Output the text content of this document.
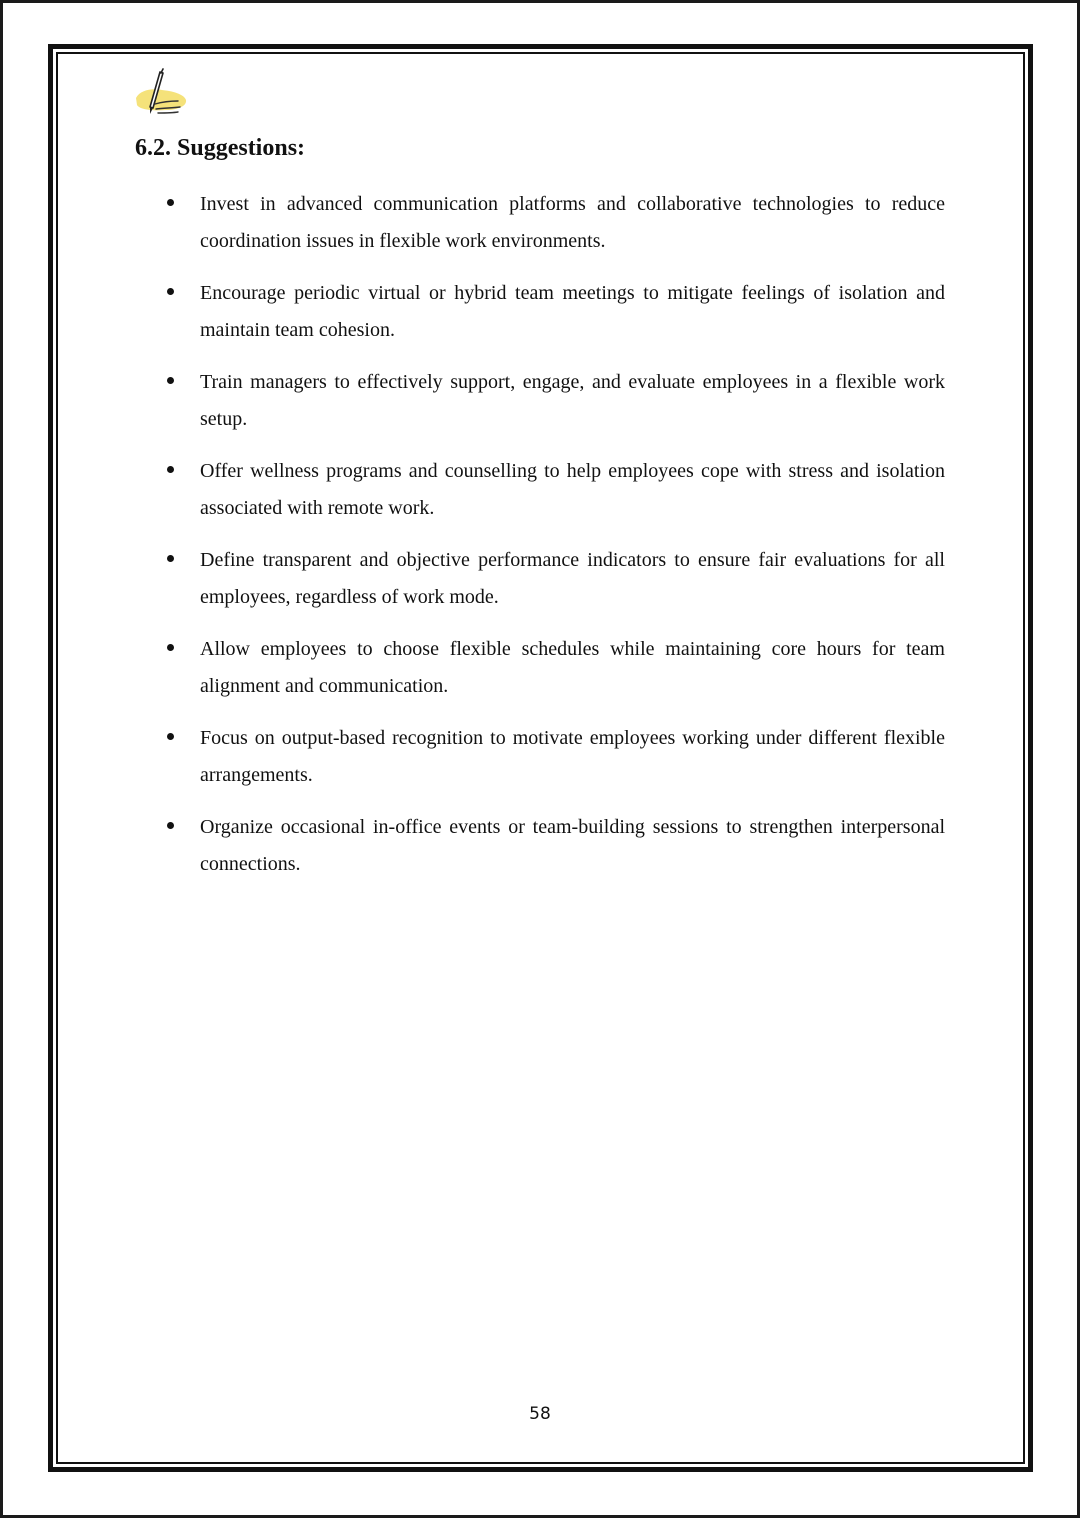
6.2. Suggestions:

Invest in advanced communication platforms and collaborative technologies to reduce coordination issues in flexible work environments.

Encourage periodic virtual or hybrid team meetings to mitigate feelings of isolation and maintain team cohesion.

Train managers to effectively support, engage, and evaluate employees in a flexible work setup.

Offer wellness programs and counselling to help employees cope with stress and isolation associated with remote work.

Define transparent and objective performance indicators to ensure fair evaluations for all employees, regardless of work mode.

Allow employees to choose flexible schedules while maintaining core hours for team alignment and communication.

Focus on output-based recognition to motivate employees working under different flexible arrangements.

Organize occasional in-office events or team-building sessions to strengthen interpersonal connections.

58
